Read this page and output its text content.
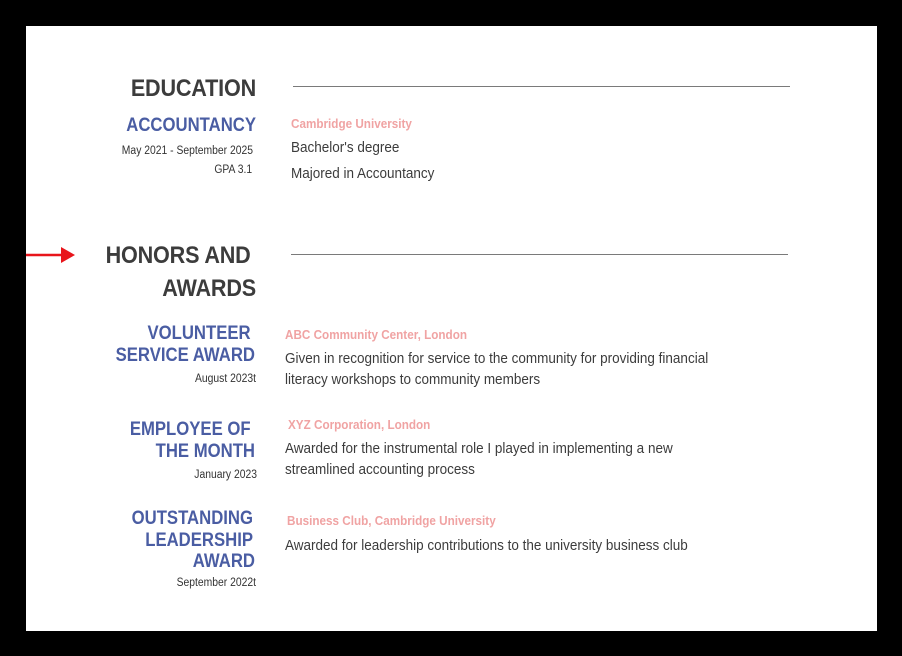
EDUCATION

ACCOUNTANCY

May 2021 - September 2025

GPA 3.1

Cambridge University

Bachelor's degree

Majored in Accountancy

HONORS AND

AWARDS

VOLUNTEER

SERVICE AWARD

August 2023t

ABC Community Center, London

Given in recognition for service to the community for providing financial

literacy workshops to community members

EMPLOYEE OF

THE MONTH

January 2023

XYZ Corporation, London

Awarded for the instrumental role I played in implementing a new

streamlined accounting process

OUTSTANDING

LEADERSHIP

AWARD

September 2022t

Business Club, Cambridge University

Awarded for leadership contributions to the university business club
